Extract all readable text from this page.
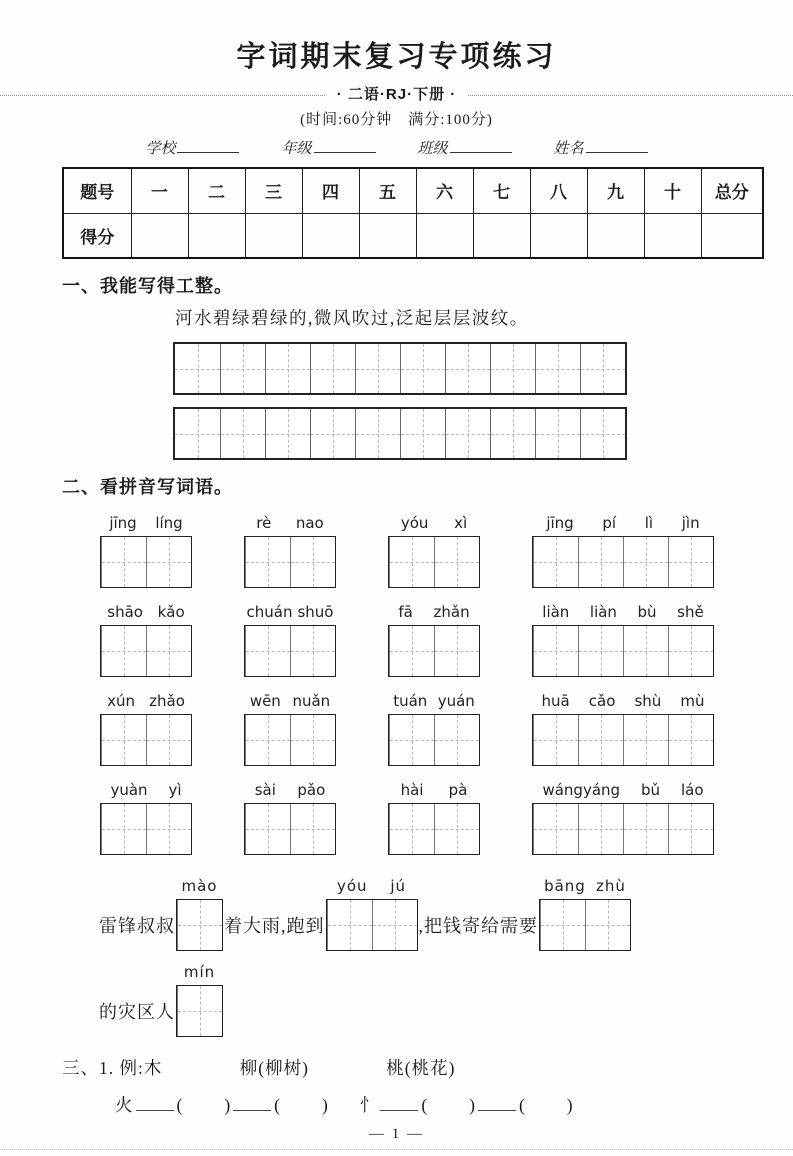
字词期末复习专项练习
· 二语·RJ·下册 ·
(时间:60分钟　满分:100分)
学校	年级	班级	姓名
题号	一	二	三	四	五	六	七	八	九	十	总分
得分											
一、我能写得工整。
河水碧绿碧绿的,微风吹过,泛起层层波纹。
二、看拼音写词语。
jīng líng	rè nao	yóu xì	jīng pí lì jìn
shāo kǎo	chuán shuō	fā zhǎn	liàn liàn bù shě
xún zhǎo	wēn nuǎn	tuán yuán	huā cǎo shù mù
yuàn yì	sài pǎo	hài pà	wángyáng bǔ láo
雷锋叔叔
mào
着大雨,跑到
yóu jú
,把钱寄给需要
bāng zhù
的灾区人
mín
三、1. 例:木	柳(柳树)	桃(桃花)
火	( )	( ) 忄	( )	( )
— 1 —
